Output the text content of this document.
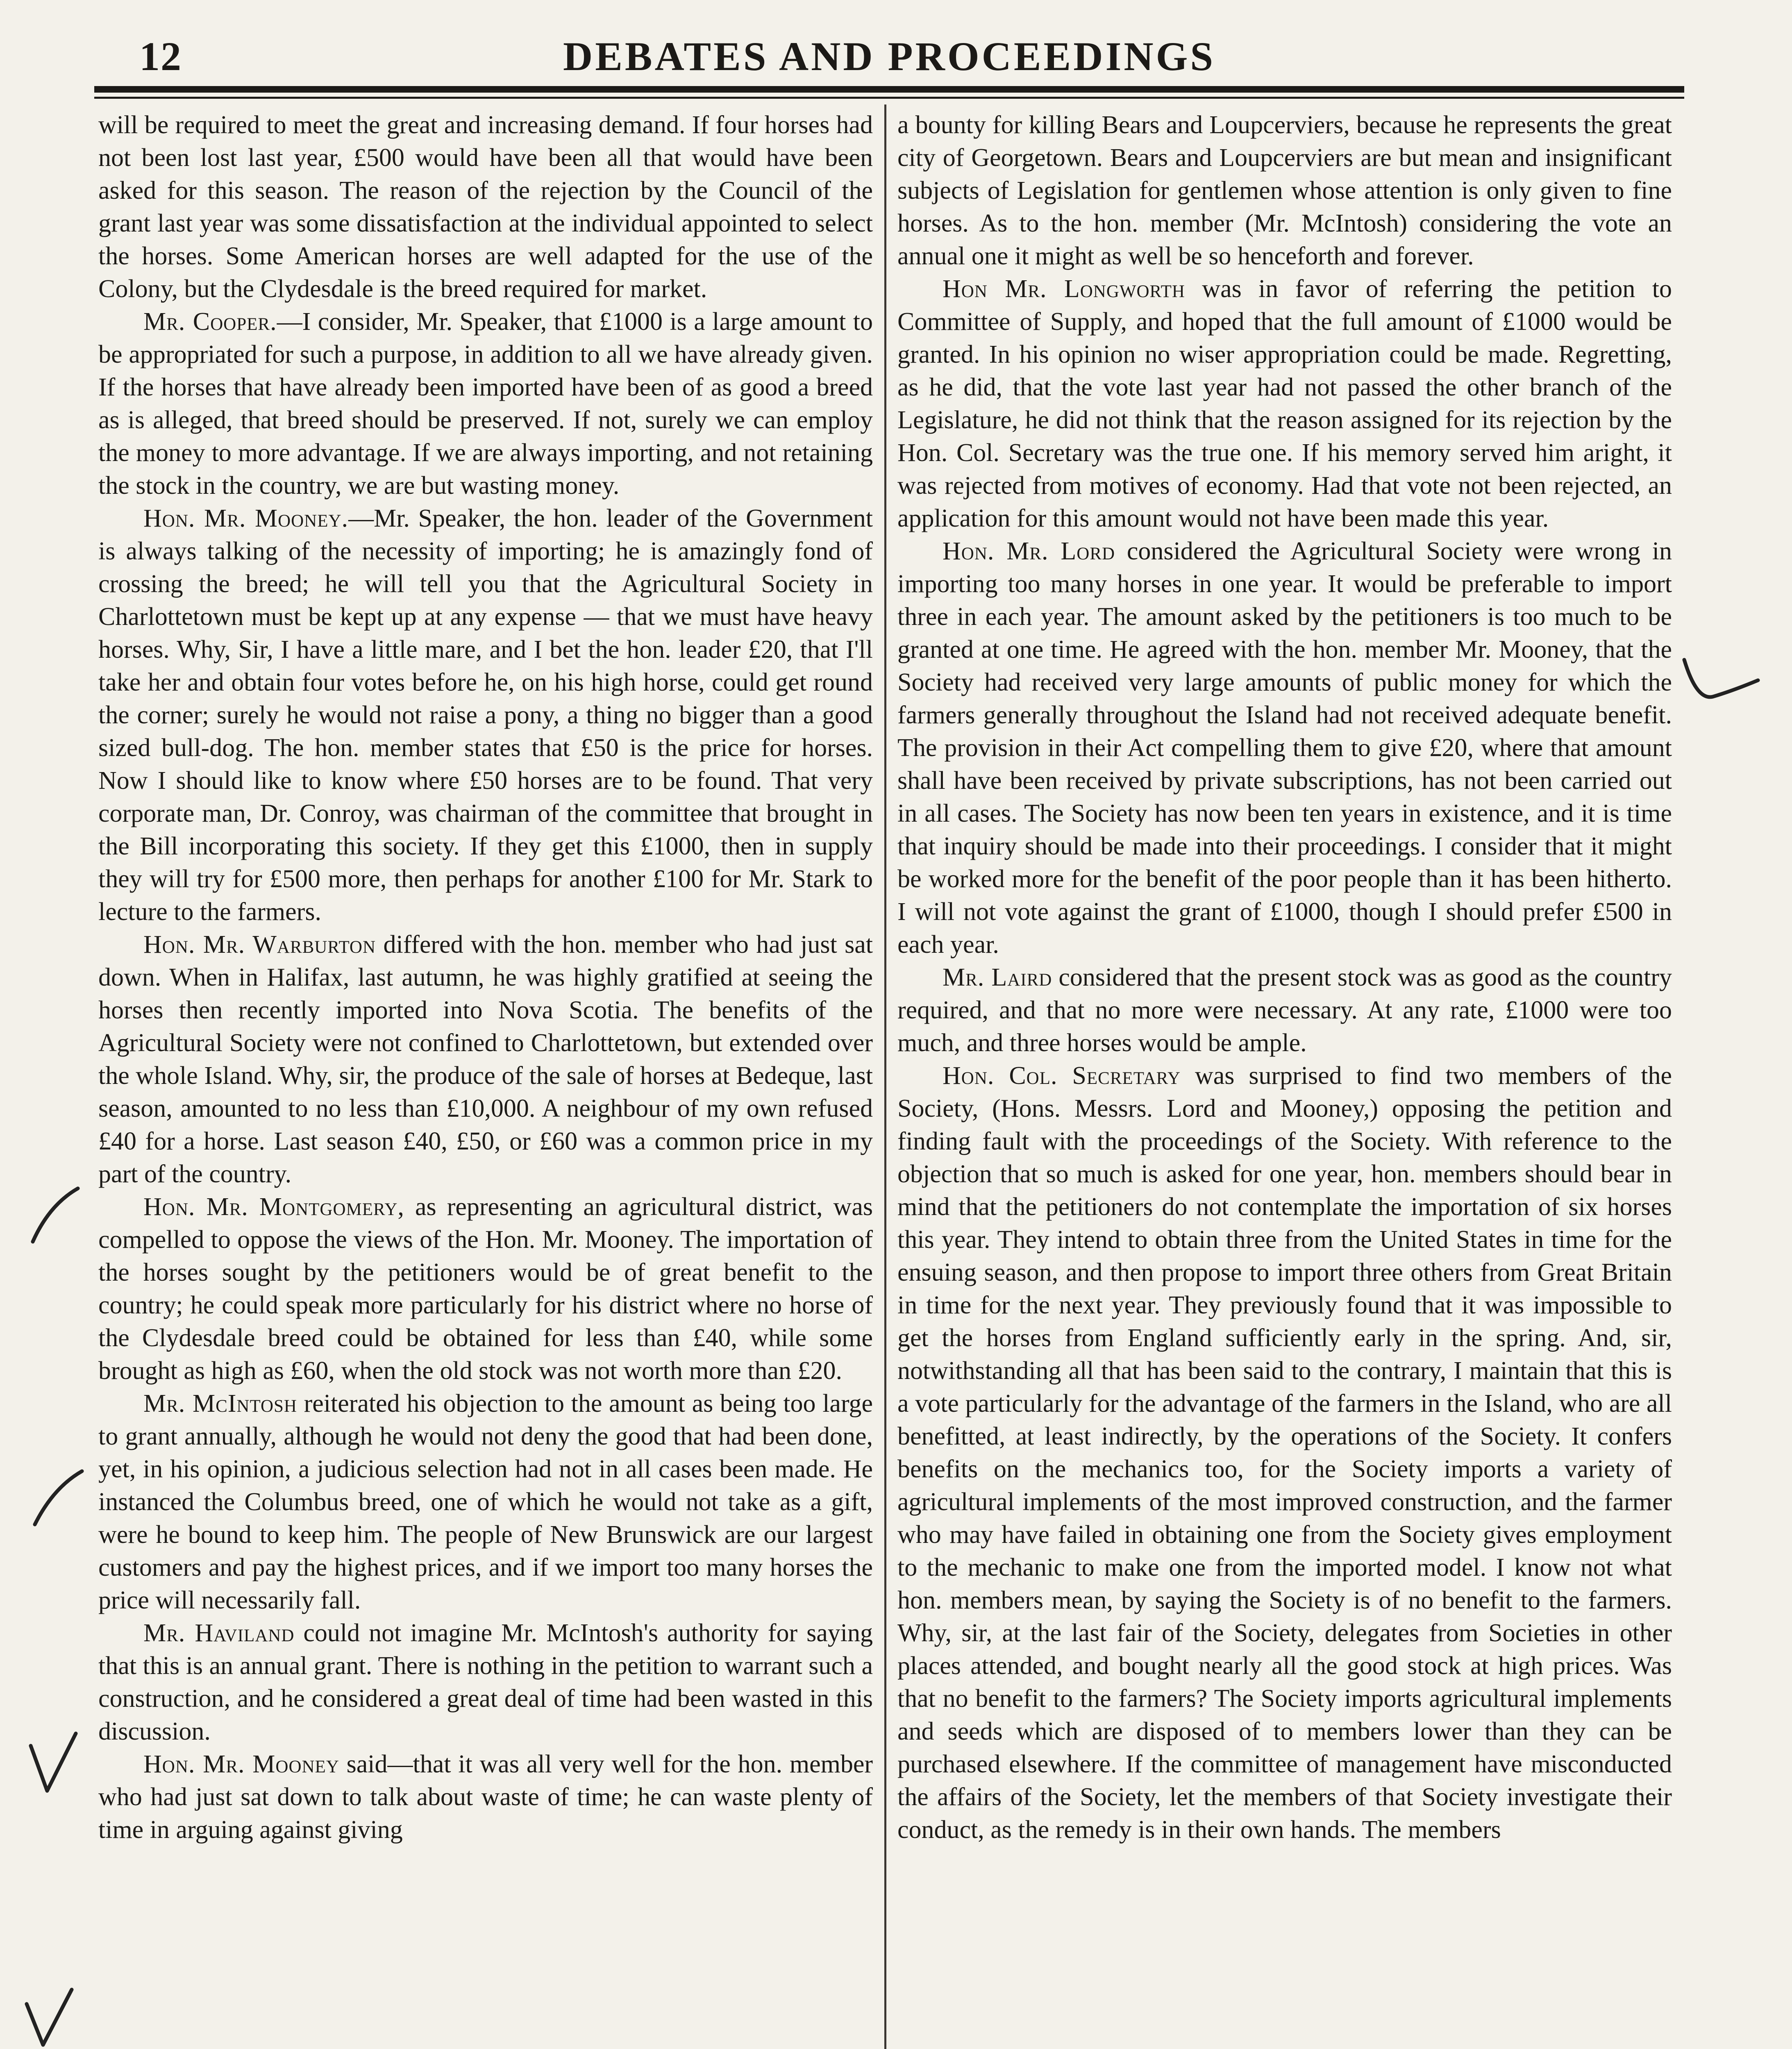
12	DEBATES AND PROCEEDINGS

will be required to meet the great and increasing demand. If four horses had not been lost last year, £500 would have been all that would have been asked for this season. The reason of the rejection by the Council of the grant last year was some dissatisfaction at the individual appointed to select the horses. Some American horses are well adapted for the use of the Colony, but the Clydesdale is the breed required for market.

Mr. Cooper.—I consider, Mr. Speaker, that £1000 is a large amount to be appropriated for such a purpose, in addition to all we have already given. If the horses that have already been imported have been of as good a breed as is alleged, that breed should be preserved. If not, surely we can employ the money to more advantage. If we are always importing, and not retaining the stock in the country, we are but wasting money.

Hon. Mr. Mooney.—Mr. Speaker, the hon. leader of the Government is always talking of the necessity of importing; he is amazingly fond of crossing the breed; he will tell you that the Agricultural Society in Charlottetown must be kept up at any expense — that we must have heavy horses. Why, Sir, I have a little mare, and I bet the hon. leader £20, that I'll take her and obtain four votes before he, on his high horse, could get round the corner; surely he would not raise a pony, a thing no bigger than a good sized bull-dog. The hon. member states that £50 is the price for horses. Now I should like to know where £50 horses are to be found. That very corporate man, Dr. Conroy, was chairman of the committee that brought in the Bill incorporating this society. If they get this £1000, then in supply they will try for £500 more, then perhaps for another £100 for Mr. Stark to lecture to the farmers.

Hon. Mr. Warburton differed with the hon. member who had just sat down. When in Halifax, last autumn, he was highly gratified at seeing the horses then recently imported into Nova Scotia. The benefits of the Agricultural Society were not confined to Charlottetown, but extended over the whole Island. Why, sir, the produce of the sale of horses at Bedeque, last season, amounted to no less than £10,000. A neighbour of my own refused £40 for a horse. Last season £40, £50, or £60 was a common price in my part of the country.

Hon. Mr. Montgomery, as representing an agricultural district, was compelled to oppose the views of the Hon. Mr. Mooney. The importation of the horses sought by the petitioners would be of great benefit to the country; he could speak more particularly for his district where no horse of the Clydesdale breed could be obtained for less than £40, while some brought as high as £60, when the old stock was not worth more than £20.

Mr. McIntosh reiterated his objection to the amount as being too large to grant annually, although he would not deny the good that had been done, yet, in his opinion, a judicious selection had not in all cases been made. He instanced the Columbus breed, one of which he would not take as a gift, were he bound to keep him. The people of New Brunswick are our largest customers and pay the highest prices, and if we import too many horses the price will necessarily fall.

Mr. Haviland could not imagine Mr. McIntosh's authority for saying that this is an annual grant. There is nothing in the petition to warrant such a construction, and he considered a great deal of time had been wasted in this discussion.

Hon. Mr. Mooney said—that it was all very well for the hon. member who had just sat down to talk about waste of time; he can waste plenty of time in arguing against giving

a bounty for killing Bears and Loupcerviers, because he represents the great city of Georgetown. Bears and Loupcerviers are but mean and insignificant subjects of Legislation for gentlemen whose attention is only given to fine horses. As to the hon. member (Mr. McIntosh) considering the vote an annual one it might as well be so henceforth and forever.

Hon Mr. Longworth was in favor of referring the petition to Committee of Supply, and hoped that the full amount of £1000 would be granted. In his opinion no wiser appropriation could be made. Regretting, as he did, that the vote last year had not passed the other branch of the Legislature, he did not think that the reason assigned for its rejection by the Hon. Col. Secretary was the true one. If his memory served him aright, it was rejected from motives of economy. Had that vote not been rejected, an application for this amount would not have been made this year.

Hon. Mr. Lord considered the Agricultural Society were wrong in importing too many horses in one year. It would be preferable to import three in each year. The amount asked by the petitioners is too much to be granted at one time. He agreed with the hon. member Mr. Mooney, that the Society had received very large amounts of public money for which the farmers generally throughout the Island had not received adequate benefit. The provision in their Act compelling them to give £20, where that amount shall have been received by private subscriptions, has not been carried out in all cases. The Society has now been ten years in existence, and it is time that inquiry should be made into their proceedings. I consider that it might be worked more for the benefit of the poor people than it has been hitherto. I will not vote against the grant of £1000, though I should prefer £500 in each year.

Mr. Laird considered that the present stock was as good as the country required, and that no more were necessary. At any rate, £1000 were too much, and three horses would be ample.

Hon. Col. Secretary was surprised to find two members of the Society, (Hons. Messrs. Lord and Mooney,) opposing the petition and finding fault with the proceedings of the Society. With reference to the objection that so much is asked for one year, hon. members should bear in mind that the petitioners do not contemplate the importation of six horses this year. They intend to obtain three from the United States in time for the ensuing season, and then propose to import three others from Great Britain in time for the next year. They previously found that it was impossible to get the horses from England sufficiently early in the spring. And, sir, notwithstanding all that has been said to the contrary, I maintain that this is a vote particularly for the advantage of the farmers in the Island, who are all benefitted, at least indirectly, by the operations of the Society. It confers benefits on the mechanics too, for the Society imports a variety of agricultural implements of the most improved construction, and the farmer who may have failed in obtaining one from the Society gives employment to the mechanic to make one from the imported model. I know not what hon. members mean, by saying the Society is of no benefit to the farmers. Why, sir, at the last fair of the Society, delegates from Societies in other places attended, and bought nearly all the good stock at high prices. Was that no benefit to the farmers? The Society imports agricultural implements and seeds which are disposed of to members lower than they can be purchased elsewhere. If the committee of management have misconducted the affairs of the Society, let the members of that Society investigate their conduct, as the remedy is in their own hands. The members
